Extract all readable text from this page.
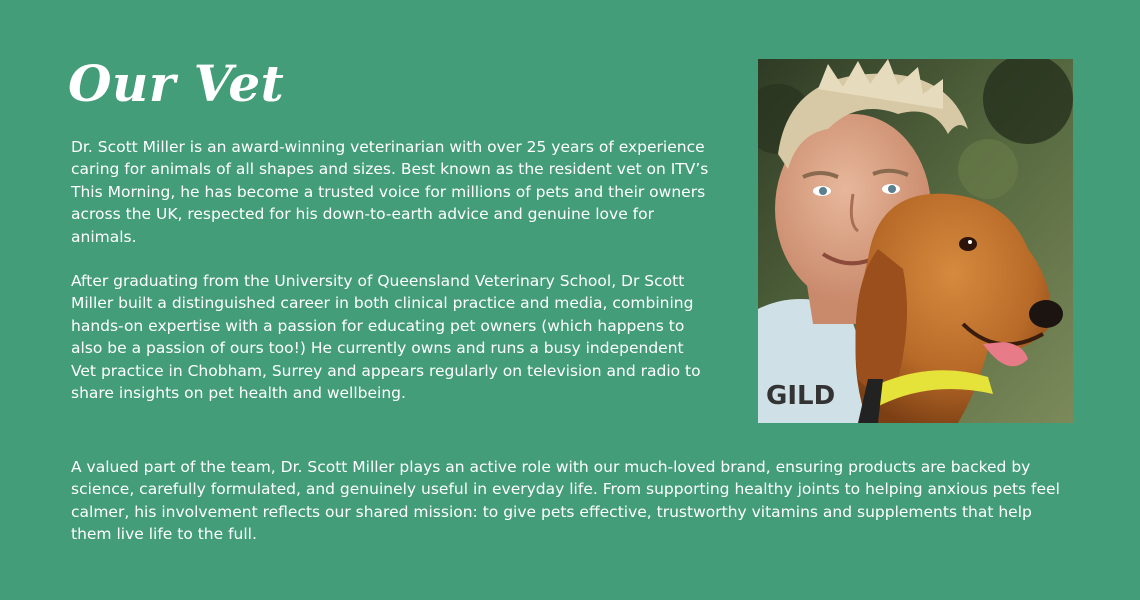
Our Vet

Dr. Scott Miller is an award-winning veterinarian with over 25 years of experience caring for animals of all shapes and sizes. Best known as the resident vet on ITV’s This Morning, he has become a trusted voice for millions of pets and their owners across the UK, respected for his down-to-earth advice and genuine love for animals.

After graduating from the University of Queensland Veterinary School, Dr Scott Miller built a distinguished career in both clinical practice and media, combining hands-on expertise with a passion for educating pet owners (which happens to also be a passion of ours too!) He currently owns and runs a busy independent Vet practice in Chobham, Surrey and appears regularly on television and radio to share insights on pet health and wellbeing.

A valued part of the team, Dr. Scott Miller plays an active role with our much-loved brand, ensuring products are backed by science, carefully formulated, and genuinely useful in everyday life. From supporting healthy joints to helping anxious pets feel calmer, his involvement reflects our shared mission: to give pets effective, trustworthy vitamins and supplements that help them live life to the full.

GILD
